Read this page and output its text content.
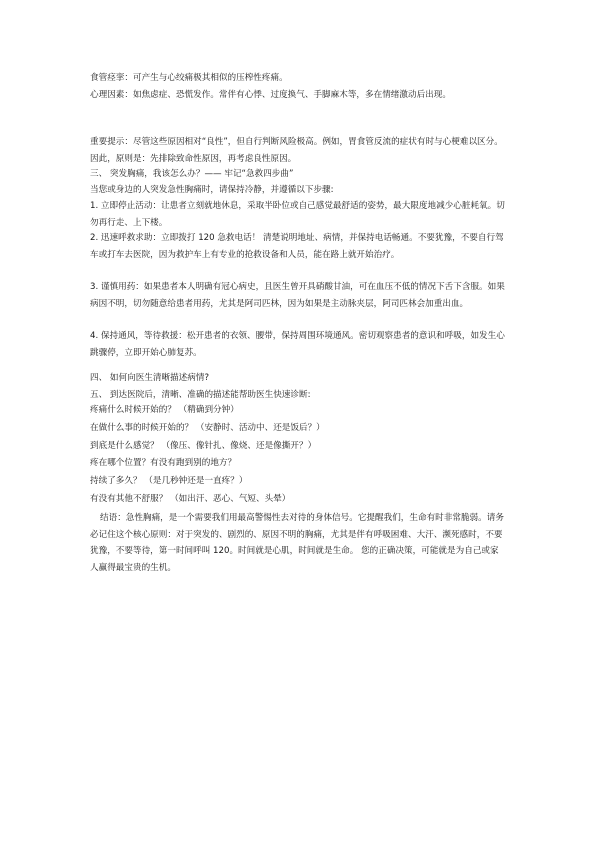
食管痉挛：可产生与心绞痛极其相似的压榨性疼痛。

心理因素：如焦虑症、恐慌发作。常伴有心悸、过度换气、手脚麻木等，多在情绪激动后出现。

重要提示：尽管这些原因相对“良性”，但自行判断风险极高。例如，胃食管反流的症状有时与心梗难以区分。因此，原则是：先排除致命性原因，再考虑良性原因。

三、 突发胸痛，我该怎么办？—— 牢记“急救四步曲”

当您或身边的人突发急性胸痛时，请保持冷静，并遵循以下步骤:

1. 立即停止活动：让患者立刻就地休息，采取半卧位或自己感觉最舒适的姿势，最大限度地减少心脏耗氧。切勿再行走、上下楼。

2. 迅速呼救求助：立即拨打 120 急救电话！ 清楚说明地址、病情，并保持电话畅通。不要犹豫，不要自行驾车或打车去医院，因为救护车上有专业的抢救设备和人员，能在路上就开始治疗。

3. 谨慎用药：如果患者本人明确有冠心病史，且医生曾开具硝酸甘油，可在血压不低的情况下舌下含服。如果病因不明，切勿随意给患者用药，尤其是阿司匹林，因为如果是主动脉夹层，阿司匹林会加重出血。

4. 保持通风，等待救援：松开患者的衣领、腰带，保持周围环境通风。密切观察患者的意识和呼吸，如发生心跳骤停，立即开始心肺复苏。

四、 如何向医生清晰描述病情?

五、 到达医院后，清晰、准确的描述能帮助医生快速诊断:

疼痛什么时候开始的？ （精确到分钟）

在做什么事的时候开始的？ （安静时、活动中、还是饭后？）

到底是什么感觉？ （像压、像针扎、像烧、还是像撕开？）

疼在哪个位置？有没有跑到别的地方？

持续了多久？ （是几秒钟还是一直疼？）

有没有其他不舒服？ （如出汗、恶心、气短、头晕）

结语：急性胸痛，是一个需要我们用最高警惕性去对待的身体信号。它提醒我们，生命有时非常脆弱。请务必记住这个核心原则：对于突发的、剧烈的、原因不明的胸痛，尤其是伴有呼吸困难、大汗、濒死感时，不要犹豫，不要等待，第一时间呼叫 120。时间就是心肌，时间就是生命。 您的正确决策，可能就是为自己或家人赢得最宝贵的生机。
